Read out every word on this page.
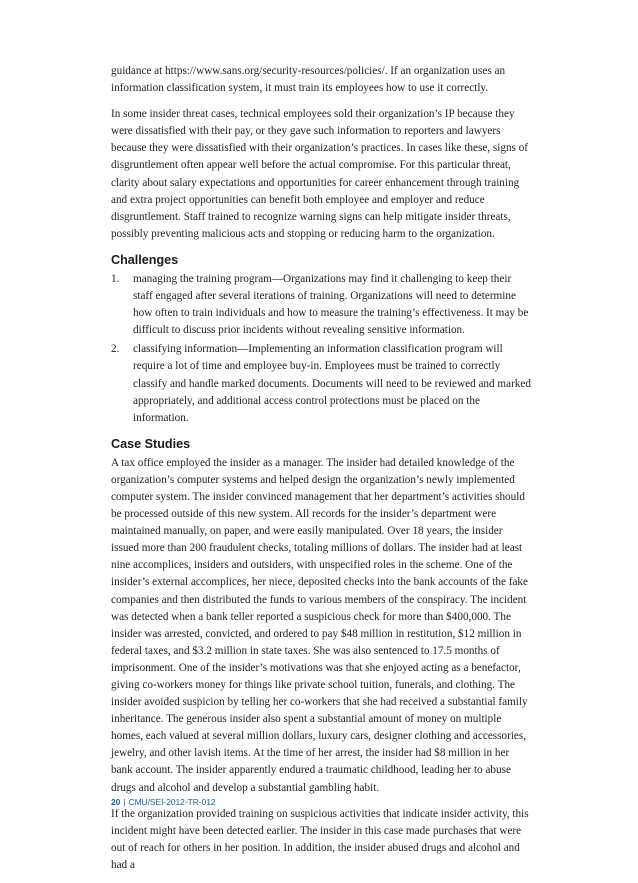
guidance at https://www.sans.org/security-resources/policies/. If an organization uses an information classification system, it must train its employees how to use it correctly.

In some insider threat cases, technical employees sold their organization’s IP because they were dissatisfied with their pay, or they gave such information to reporters and lawyers because they were dissatisfied with their organization’s practices. In cases like these, signs of disgruntlement often appear well before the actual compromise. For this particular threat, clarity about salary expectations and opportunities for career enhancement through training and extra project opportunities can benefit both employee and employer and reduce disgruntlement. Staff trained to recognize warning signs can help mitigate insider threats, possibly preventing malicious acts and stopping or reducing harm to the organization.

Challenges
1. managing the training program—Organizations may find it challenging to keep their staff engaged after several iterations of training. Organizations will need to determine how often to train individuals and how to measure the training’s effectiveness. It may be difficult to discuss prior incidents without revealing sensitive information.
2. classifying information—Implementing an information classification program will require a lot of time and employee buy-in. Employees must be trained to correctly classify and handle marked documents. Documents will need to be reviewed and marked appropriately, and additional access control protections must be placed on the information.
Case Studies

A tax office employed the insider as a manager. The insider had detailed knowledge of the organization’s computer systems and helped design the organization’s newly implemented computer system. The insider convinced management that her department’s activities should be processed outside of this new system. All records for the insider’s department were maintained manually, on paper, and were easily manipulated. Over 18 years, the insider issued more than 200 fraudulent checks, totaling millions of dollars. The insider had at least nine accomplices, insiders and outsiders, with unspecified roles in the scheme. One of the insider’s external accomplices, her niece, deposited checks into the bank accounts of the fake companies and then distributed the funds to various members of the conspiracy. The incident was detected when a bank teller reported a suspicious check for more than $400,000. The insider was arrested, convicted, and ordered to pay $48 million in restitution, $12 million in federal taxes, and $3.2 million in state taxes. She was also sentenced to 17.5 months of imprisonment. One of the insider’s motivations was that she enjoyed acting as a benefactor, giving co-workers money for things like private school tuition, funerals, and clothing. The insider avoided suspicion by telling her co-workers that she had received a substantial family inheritance. The generous insider also spent a substantial amount of money on multiple homes, each valued at several million dollars, luxury cars, designer clothing and accessories, jewelry, and other lavish items. At the time of her arrest, the insider had $8 million in her bank account. The insider apparently endured a traumatic childhood, leading her to abuse drugs and alcohol and develop a substantial gambling habit.

If the organization provided training on suspicious activities that indicate insider activity, this incident might have been detected earlier. The insider in this case made purchases that were out of reach for others in her position. In addition, the insider abused drugs and alcohol and had a

20 | CMU/SEI-2012-TR-012
